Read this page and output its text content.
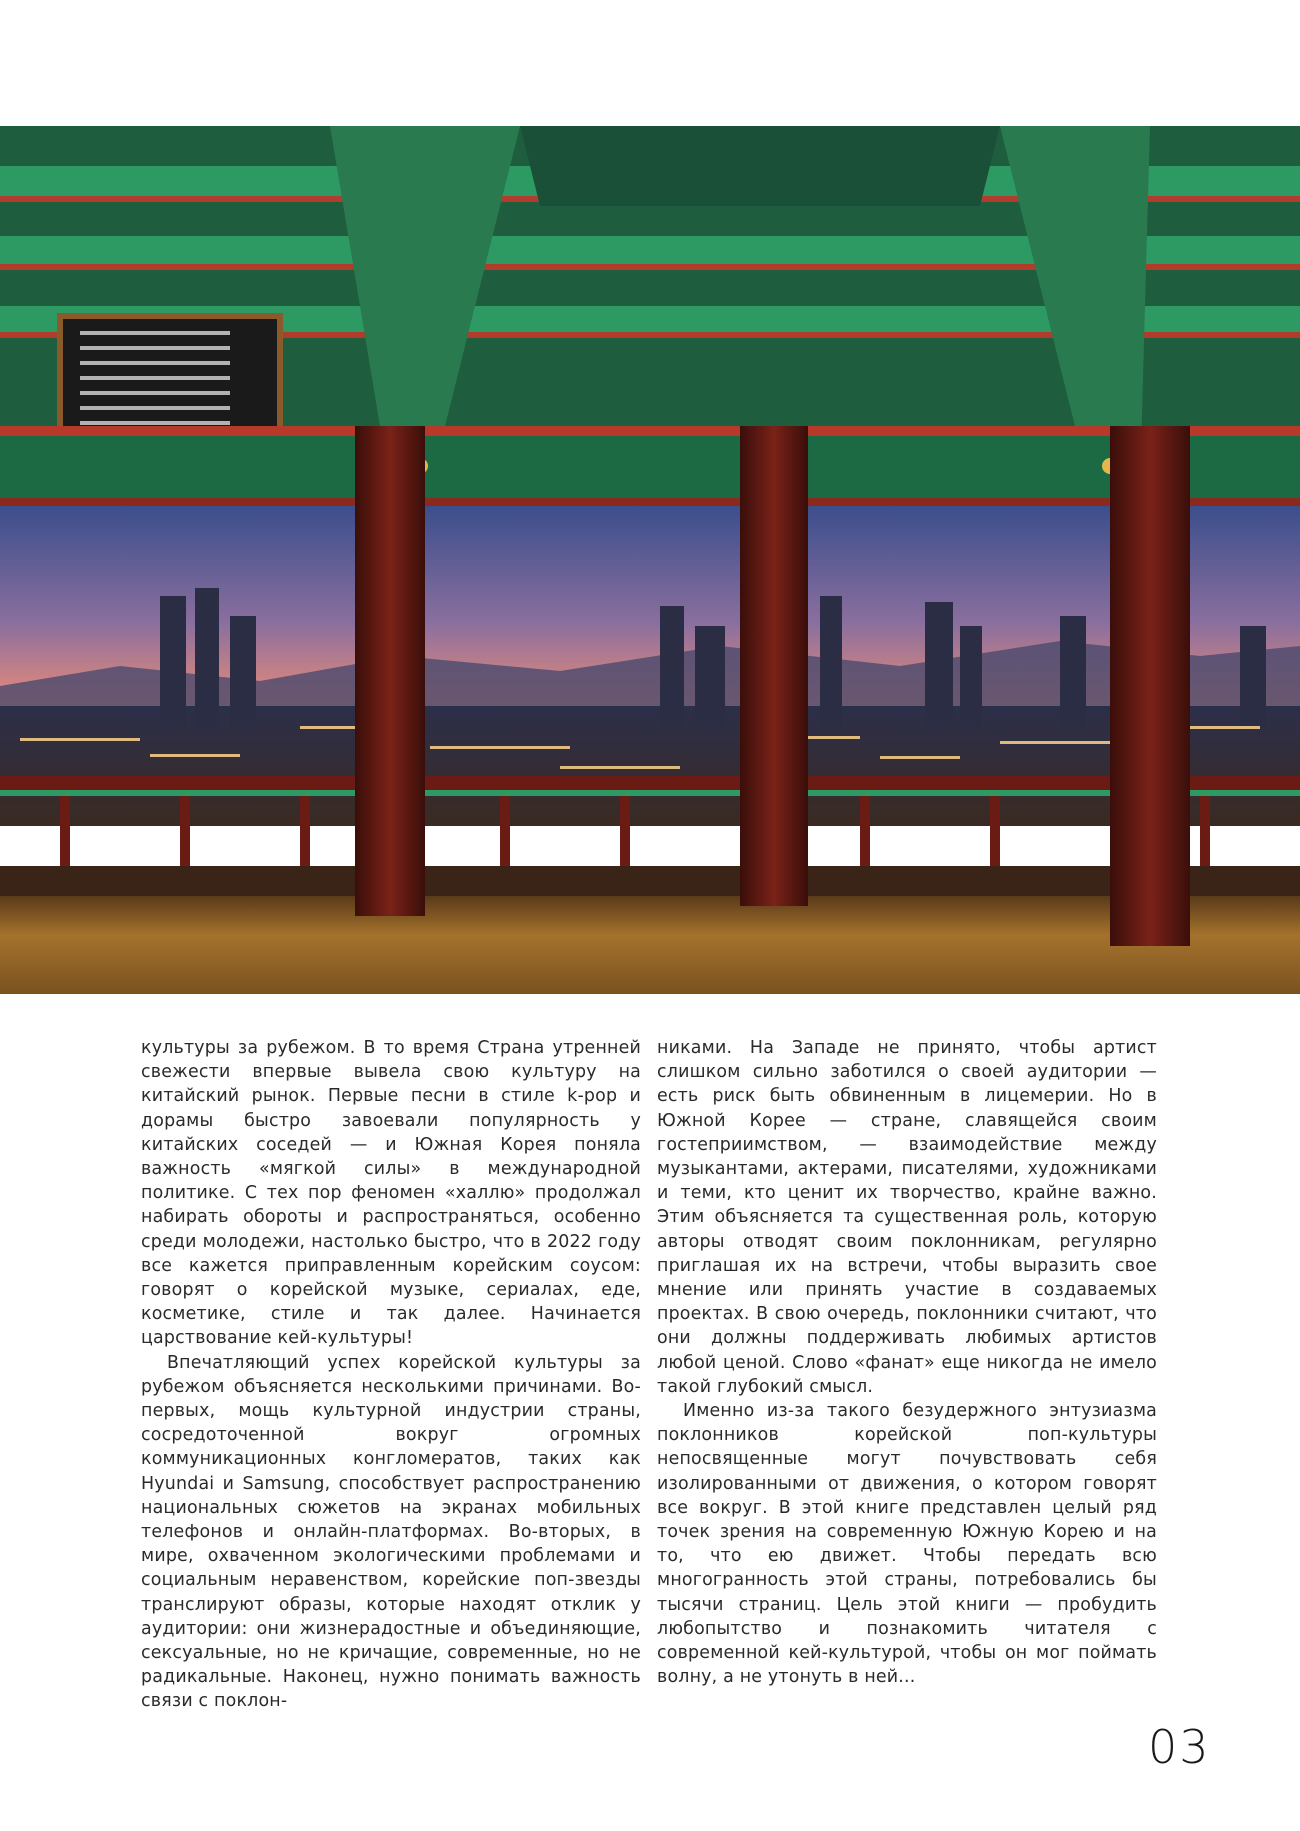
культуры за рубежом. В то время Страна утренней свежести впервые вывела свою культуру на китайский рынок. Первые песни в стиле k-pop и дорамы быстро завоевали популярность у китайских соседей — и Южная Корея поняла важность «мягкой силы» в международной политике. С тех пор феномен «халлю» продолжал набирать обороты и распространяться, особенно среди молодежи, настолько быстро, что в 2022 году все кажется приправленным корейским соусом: говорят о корейской музыке, сериалах, еде, косметике, стиле и так далее. Начинается царствование кей-культуры!

Впечатляющий успех корейской культуры за рубежом объясняется несколькими причинами. Во-первых, мощь культурной индустрии страны, сосредоточенной вокруг огромных коммуникационных конгломератов, таких как Hyundai и Samsung, способствует распространению национальных сюжетов на экранах мобильных телефонов и онлайн-платформах. Во-вторых, в мире, охваченном экологическими проблемами и социальным неравенством, корейские поп-звезды транслируют образы, которые находят отклик у аудитории: они жизнерадостные и объединяющие, сексуальные, но не кричащие, современные, но не радикальные. Наконец, нужно понимать важность связи с поклон-

никами. На Западе не принято, чтобы артист слишком сильно заботился о своей аудитории — есть риск быть обвиненным в лицемерии. Но в Южной Корее — стране, славящейся своим гостеприимством, — взаимодействие между музыкантами, актерами, писателями, художниками и теми, кто ценит их творчество, крайне важно. Этим объясняется та существенная роль, которую авторы отводят своим поклонникам, регулярно приглашая их на встречи, чтобы выразить свое мнение или принять участие в создаваемых проектах. В свою очередь, поклонники считают, что они должны поддерживать любимых артистов любой ценой. Слово «фанат» еще никогда не имело такой глубокий смысл.

Именно из-за такого безудержного энтузиазма поклонников корейской поп-культуры непосвященные могут почувствовать себя изолированными от движения, о котором говорят все вокруг. В этой книге представлен целый ряд точек зрения на современную Южную Корею и на то, что ею движет. Чтобы передать всю многогранность этой страны, потребовались бы тысячи страниц. Цель этой книги — пробудить любопытство и познакомить читателя с современной кей-культурой, чтобы он мог поймать волну, а не утонуть в ней...

03
